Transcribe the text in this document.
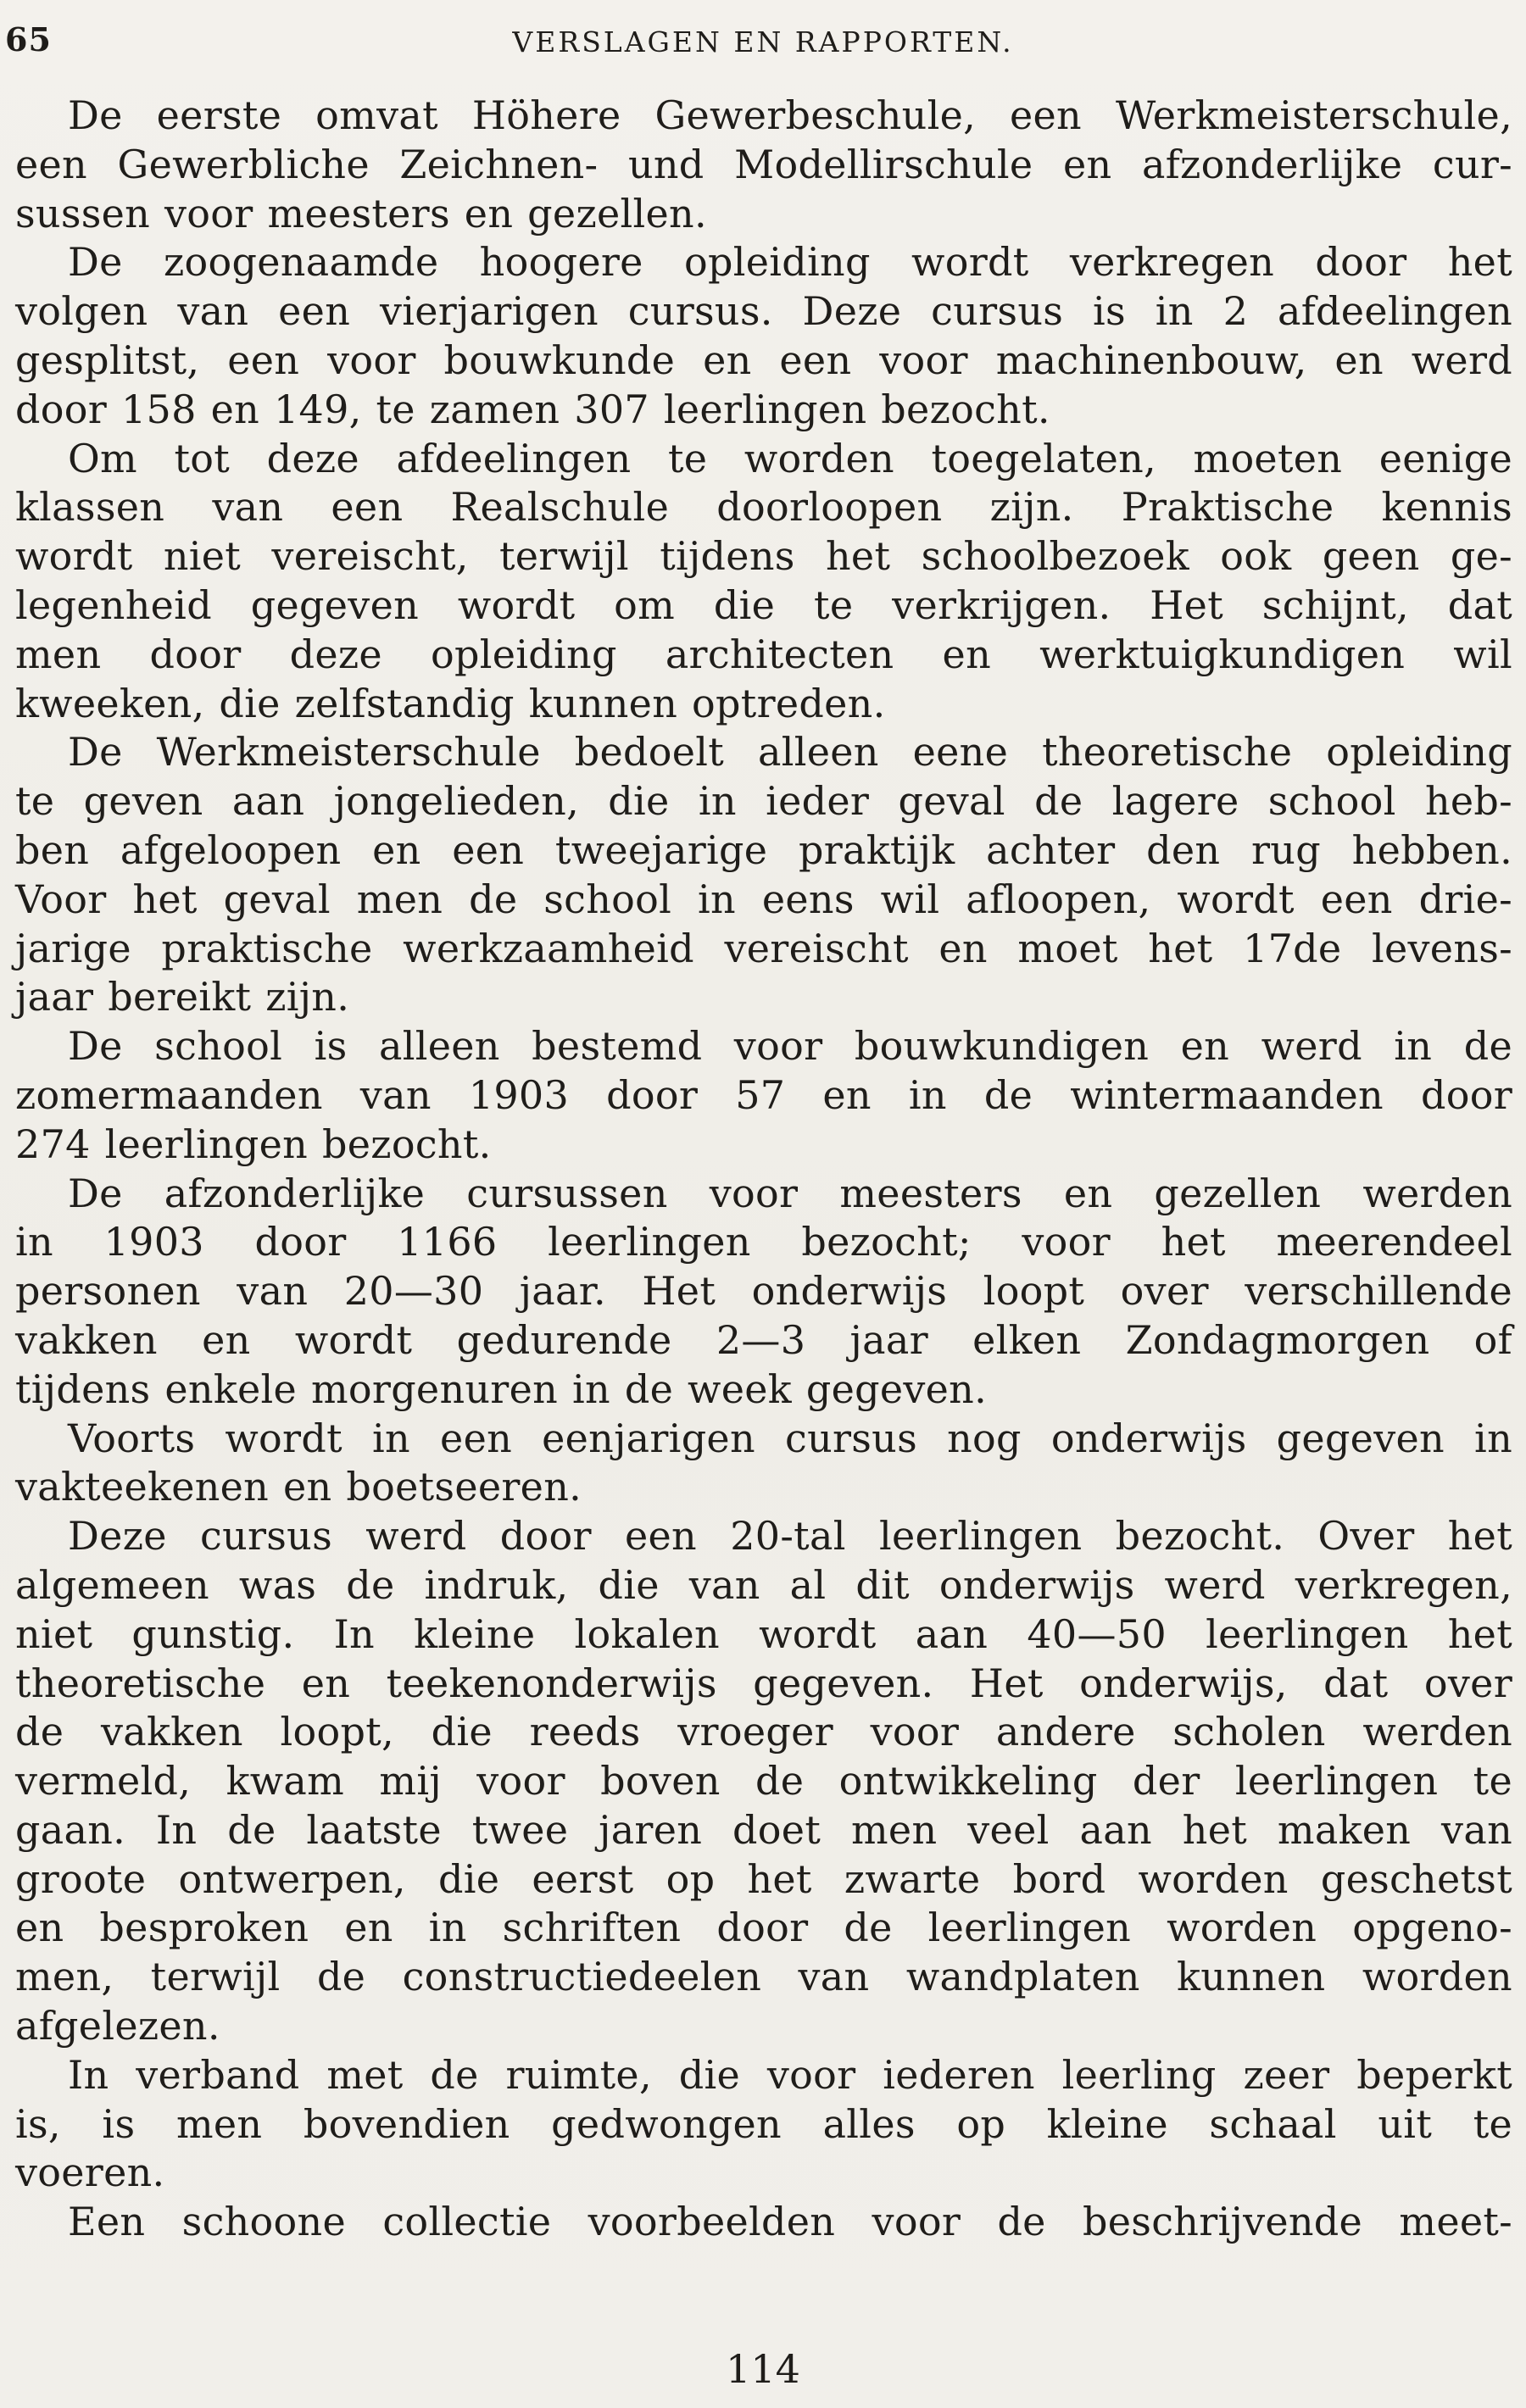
65	VERSLAGEN EN RAPPORTEN.
De eerste omvat Höhere Gewerbeschule, een Werkmeisterschule,
een Gewerbliche Zeichnen- und Modellirschule en afzonderlijke cur-
sussen voor meesters en gezellen.
De zoogenaamde hoogere opleiding wordt verkregen door het
volgen van een vierjarigen cursus. Deze cursus is in 2 afdeelingen
gesplitst, een voor bouwkunde en een voor machinenbouw, en werd
door 158 en 149, te zamen 307 leerlingen bezocht.
Om tot deze afdeelingen te worden toegelaten, moeten eenige
klassen van een Realschule doorloopen zijn. Praktische kennis
wordt niet vereischt, terwijl tijdens het schoolbezoek ook geen ge-
legenheid gegeven wordt om die te verkrijgen. Het schijnt, dat
men door deze opleiding architecten en werktuigkundigen wil
kweeken, die zelfstandig kunnen optreden.
De Werkmeisterschule bedoelt alleen eene theoretische opleiding
te geven aan jongelieden, die in ieder geval de lagere school heb-
ben afgeloopen en een tweejarige praktijk achter den rug hebben.
Voor het geval men de school in eens wil afloopen, wordt een drie-
jarige praktische werkzaamheid vereischt en moet het 17de levens-
jaar bereikt zijn.
De school is alleen bestemd voor bouwkundigen en werd in de
zomermaanden van 1903 door 57 en in de wintermaanden door
274 leerlingen bezocht.
De afzonderlijke cursussen voor meesters en gezellen werden
in 1903 door 1166 leerlingen bezocht; voor het meerendeel
personen van 20—30 jaar. Het onderwijs loopt over verschillende
vakken en wordt gedurende 2—3 jaar elken Zondagmorgen of
tijdens enkele morgenuren in de week gegeven.
Voorts wordt in een eenjarigen cursus nog onderwijs gegeven in
vakteekenen en boetseeren.
Deze cursus werd door een 20-tal leerlingen bezocht. Over het
algemeen was de indruk, die van al dit onderwijs werd verkregen,
niet gunstig. In kleine lokalen wordt aan 40—50 leerlingen het
theoretische en teekenonderwijs gegeven. Het onderwijs, dat over
de vakken loopt, die reeds vroeger voor andere scholen werden
vermeld, kwam mij voor boven de ontwikkeling der leerlingen te
gaan. In de laatste twee jaren doet men veel aan het maken van
groote ontwerpen, die eerst op het zwarte bord worden geschetst
en besproken en in schriften door de leerlingen worden opgeno-
men, terwijl de constructiedeelen van wandplaten kunnen worden
afgelezen.
In verband met de ruimte, die voor iederen leerling zeer beperkt
is, is men bovendien gedwongen alles op kleine schaal uit te
voeren.
Een schoone collectie voorbeelden voor de beschrijvende meet-
114
